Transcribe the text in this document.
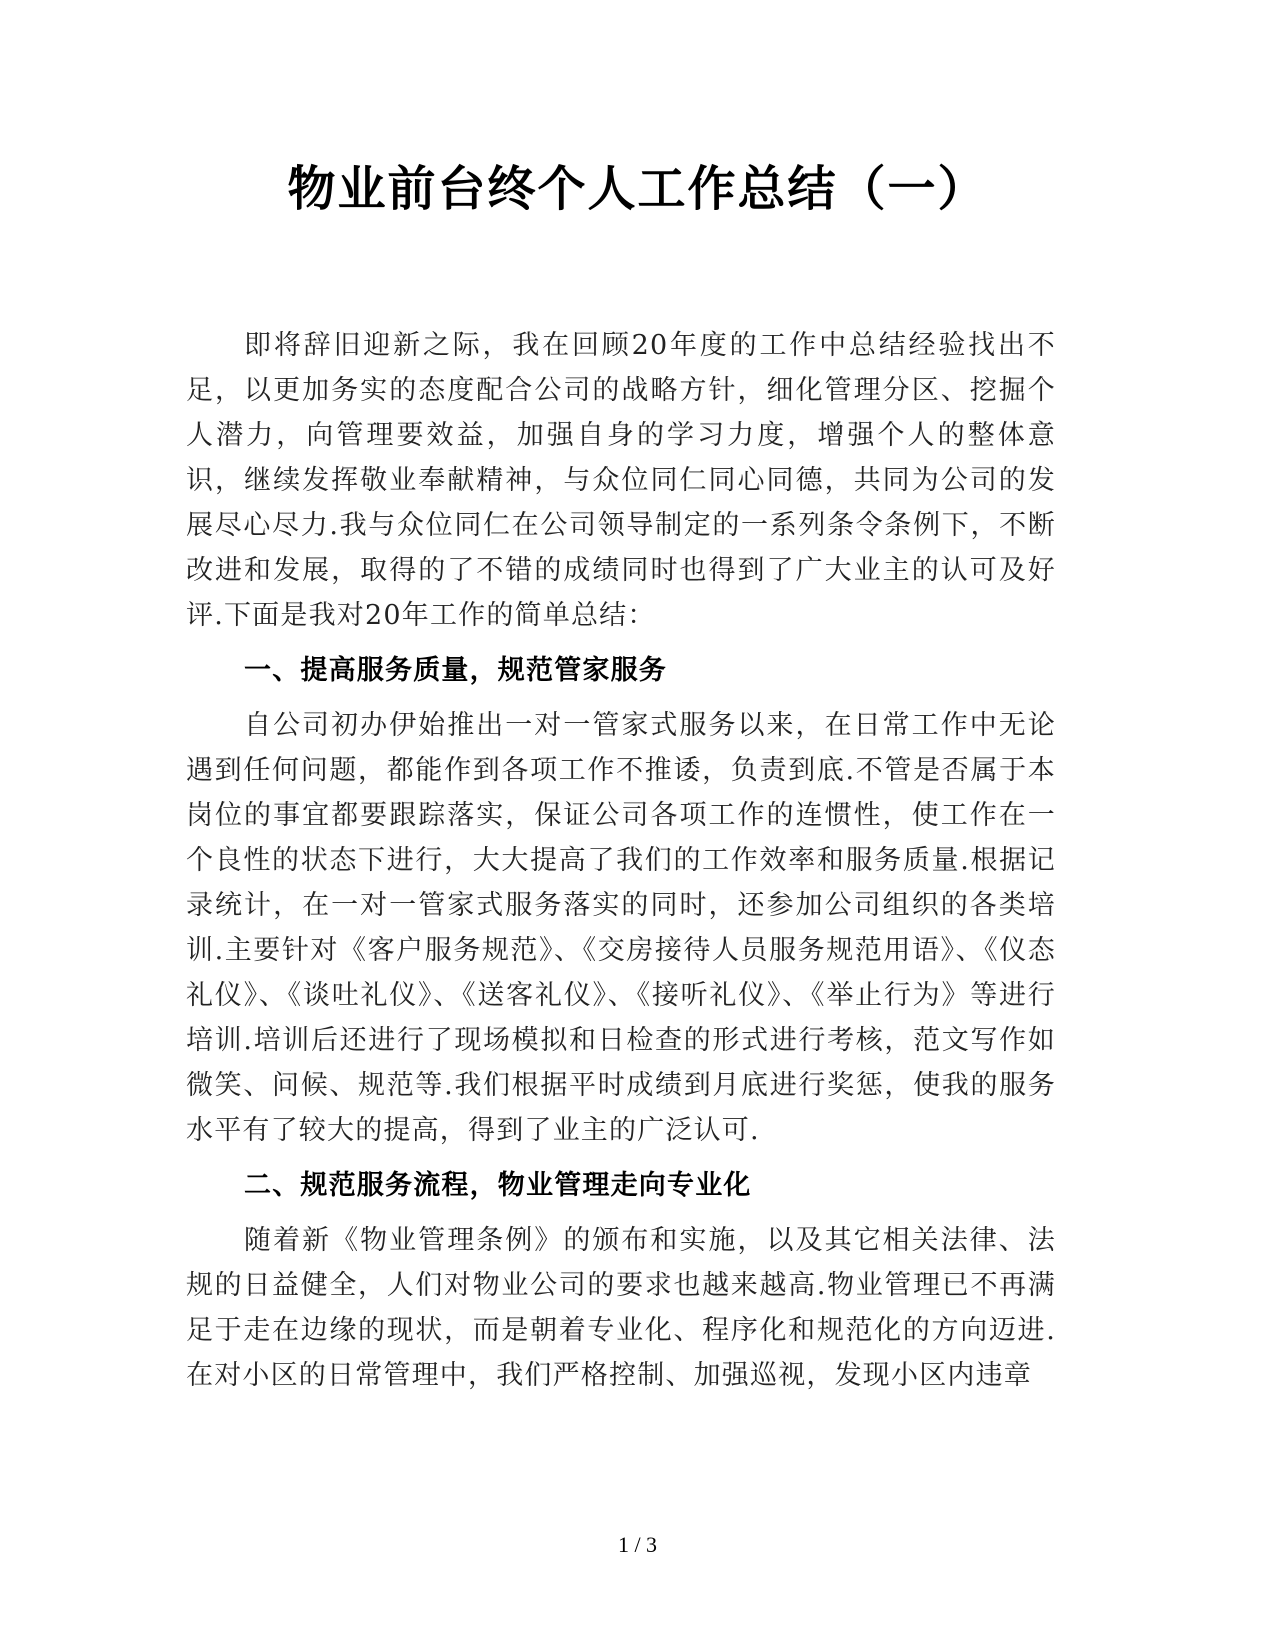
物业前台终个人工作总结（一）

即将辞旧迎新之际，我在回顾20年度的工作中总结经验找出不足，以更加务实的态度配合公司的战略方针，细化管理分区、挖掘个人潜力，向管理要效益，加强自身的学习力度，增强个人的整体意识，继续发挥敬业奉献精神，与众位同仁同心同德，共同为公司的发展尽心尽力.我与众位同仁在公司领导制定的一系列条令条例下，不断改进和发展，取得的了不错的成绩同时也得到了广大业主的认可及好评.下面是我对20年工作的简单总结：

一、提高服务质量，规范管家服务

自公司初办伊始推出一对一管家式服务以来，在日常工作中无论遇到任何问题，都能作到各项工作不推诿，负责到底.不管是否属于本岗位的事宜都要跟踪落实，保证公司各项工作的连惯性，使工作在一个良性的状态下进行，大大提高了我们的工作效率和服务质量.根据记录统计，在一对一管家式服务落实的同时，还参加公司组织的各类培训.主要针对《客户服务规范》、《交房接待人员服务规范用语》、《仪态礼仪》、《谈吐礼仪》、《送客礼仪》、《接听礼仪》、《举止行为》等进行培训.培训后还进行了现场模拟和日检查的形式进行考核，范文写作如微笑、问候、规范等.我们根据平时成绩到月底进行奖惩，使我的服务水平有了较大的提高，得到了业主的广泛认可.

二、规范服务流程，物业管理走向专业化

随着新《物业管理条例》的颁布和实施，以及其它相关法律、法规的日益健全，人们对物业公司的要求也越来越高.物业管理已不再满足于走在边缘的现状，而是朝着专业化、程序化和规范化的方向迈进.在对小区的日常管理中，我们严格控制、加强巡视，发现小区内违章

1 / 3
